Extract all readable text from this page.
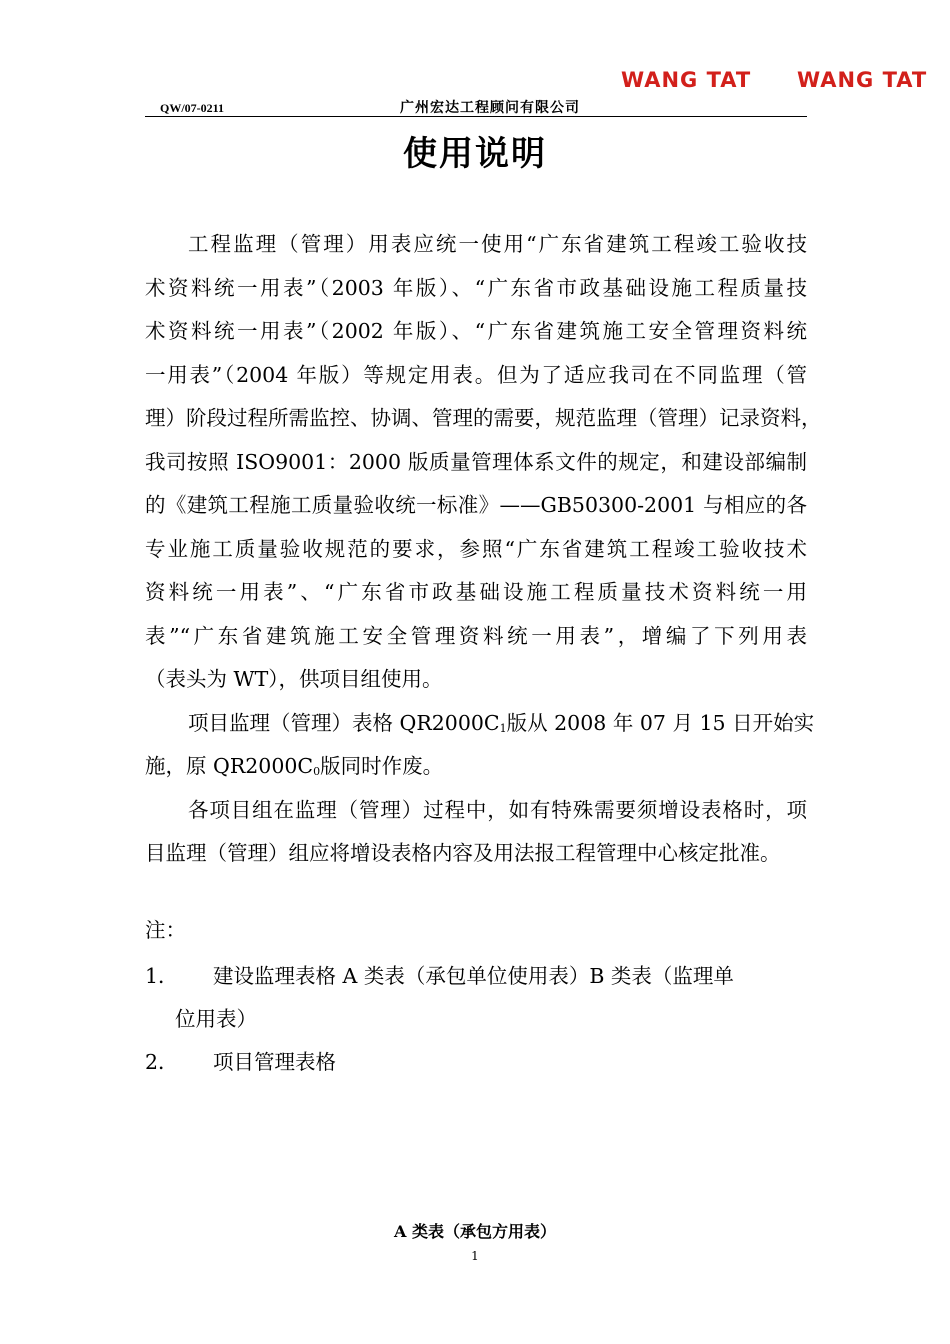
WANG TAT WANG TAT
QW/07-0211	广州宏达工程顾问有限公司
使用说明
工程监理（管理）用表应统一使用“广东省建筑工程竣工验收技
术资料统一用表”（2003 年版）、“广东省市政基础设施工程质量技
术资料统一用表”（2002 年版）、“广东省建筑施工安全管理资料统
一用表”（2004 年版）等规定用表。但为了适应我司在不同监理（管
理）阶段过程所需监控、协调、管理的需要，规范监理（管理）记录资料，
我司按照 ISO9001：2000 版质量管理体系文件的规定，和建设部编制
的《建筑工程施工质量验收统一标准》——GB50300-2001 与相应的各
专业施工质量验收规范的要求，参照“广东省建筑工程竣工验收技术
资料统一用表”、“广东省市政基础设施工程质量技术资料统一用
表”“广东省建筑施工安全管理资料统一用表”，增编了下列用表
（表头为 WT），供项目组使用。
项目监理（管理）表格 $QR2000C_1$版从 2008 年 07 月 15 日开始实
施，原 $QR2000C_0$版同时作废。
各项目组在监理（管理）过程中，如有特殊需要须增设表格时，项
目监理（管理）组应将增设表格内容及用法报工程管理中心核定批准。
注：
1． 建设监理表格 A 类表（承包单位使用表）B 类表（监理单
位用表）
2． 项目管理表格
A 类表（承包方用表）
1
